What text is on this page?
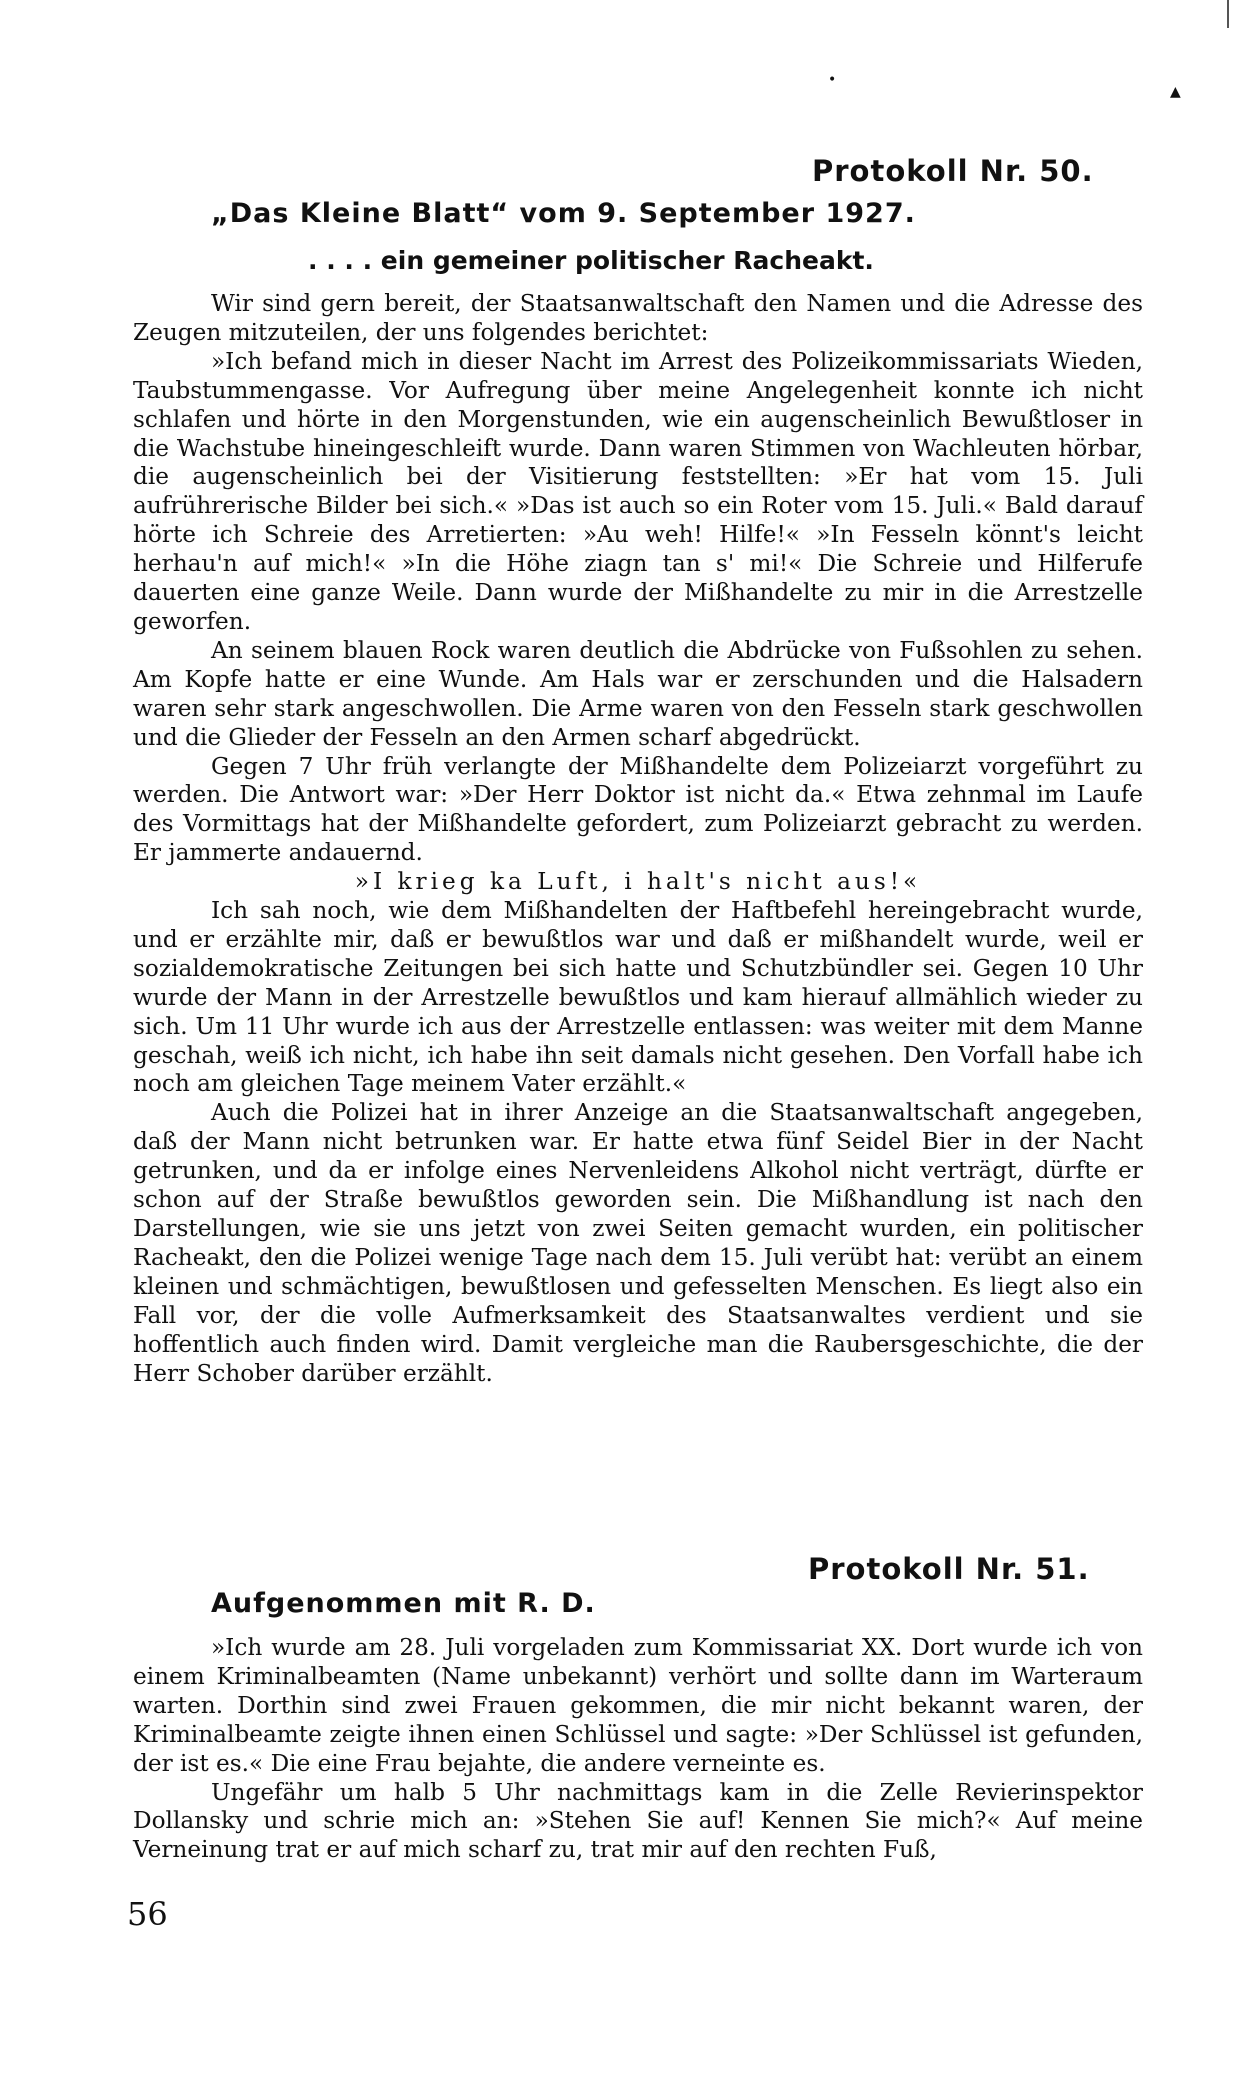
•
▲
Protokoll Nr. 50.
„Das Kleine Blatt“ vom 9. September 1927.
. . . . ein gemeiner politischer Racheakt.

Wir sind gern bereit, der Staatsanwaltschaft den Namen und die Adresse des Zeugen mitzuteilen, der uns folgendes berichtet:

»Ich befand mich in dieser Nacht im Arrest des Polizeikommissariats Wieden, Taubstummengasse. Vor Aufregung über meine Angelegenheit konnte ich nicht schlafen und hörte in den Morgenstunden, wie ein augenscheinlich Bewußtloser in die Wachstube hineingeschleift wurde. Dann waren Stimmen von Wachleuten hörbar, die augenscheinlich bei der Visitierung feststellten: »Er hat vom 15. Juli aufrührerische Bilder bei sich.« »Das ist auch so ein Roter vom 15. Juli.« Bald darauf hörte ich Schreie des Arretierten: »Au weh! Hilfe!« »In Fesseln könnt's leicht herhau'n auf mich!« »In die Höhe ziagn tan s' mi!« Die Schreie und Hilferufe dauerten eine ganze Weile. Dann wurde der Mißhandelte zu mir in die Arrestzelle geworfen.

An seinem blauen Rock waren deutlich die Abdrücke von Fußsohlen zu sehen. Am Kopfe hatte er eine Wunde. Am Hals war er zerschunden und die Halsadern waren sehr stark angeschwollen. Die Arme waren von den Fesseln stark geschwollen und die Glieder der Fesseln an den Armen scharf abgedrückt.

Gegen 7 Uhr früh verlangte der Mißhandelte dem Polizeiarzt vorgeführt zu werden. Die Antwort war: »Der Herr Doktor ist nicht da.« Etwa zehnmal im Laufe des Vormittags hat der Mißhandelte gefordert, zum Polizeiarzt gebracht zu werden. Er jammerte andauernd.

»I krieg ka Luft, i halt's nicht aus!«

Ich sah noch, wie dem Mißhandelten der Haftbefehl hereingebracht wurde, und er erzählte mir, daß er bewußtlos war und daß er mißhandelt wurde, weil er sozialdemokratische Zeitungen bei sich hatte und Schutzbündler sei. Gegen 10 Uhr wurde der Mann in der Arrestzelle bewußtlos und kam hierauf allmählich wieder zu sich. Um 11 Uhr wurde ich aus der Arrestzelle entlassen: was weiter mit dem Manne geschah, weiß ich nicht, ich habe ihn seit damals nicht gesehen. Den Vorfall habe ich noch am gleichen Tage meinem Vater erzählt.«

Auch die Polizei hat in ihrer Anzeige an die Staatsanwaltschaft angegeben, daß der Mann nicht betrunken war. Er hatte etwa fünf Seidel Bier in der Nacht getrunken, und da er infolge eines Nervenleidens Alkohol nicht verträgt, dürfte er schon auf der Straße bewußtlos geworden sein. Die Mißhandlung ist nach den Darstellungen, wie sie uns jetzt von zwei Seiten gemacht wurden, ein politischer Racheakt, den die Polizei wenige Tage nach dem 15. Juli verübt hat: verübt an einem kleinen und schmächtigen, bewußtlosen und gefesselten Menschen. Es liegt also ein Fall vor, der die volle Aufmerksamkeit des Staatsanwaltes verdient und sie hoffentlich auch finden wird. Damit vergleiche man die Raubersgeschichte, die der Herr Schober darüber erzählt.

Protokoll Nr. 51.
Aufgenommen mit R. D.

»Ich wurde am 28. Juli vorgeladen zum Kommissariat XX. Dort wurde ich von einem Kriminalbeamten (Name unbekannt) verhört und sollte dann im Warteraum warten. Dorthin sind zwei Frauen gekommen, die mir nicht bekannt waren, der Kriminalbeamte zeigte ihnen einen Schlüssel und sagte: »Der Schlüssel ist gefunden, der ist es.« Die eine Frau bejahte, die andere verneinte es.

Ungefähr um halb 5 Uhr nachmittags kam in die Zelle Revierinspektor Dollansky und schrie mich an: »Stehen Sie auf! Kennen Sie mich?« Auf meine Verneinung trat er auf mich scharf zu, trat mir auf den rechten Fuß,

56
